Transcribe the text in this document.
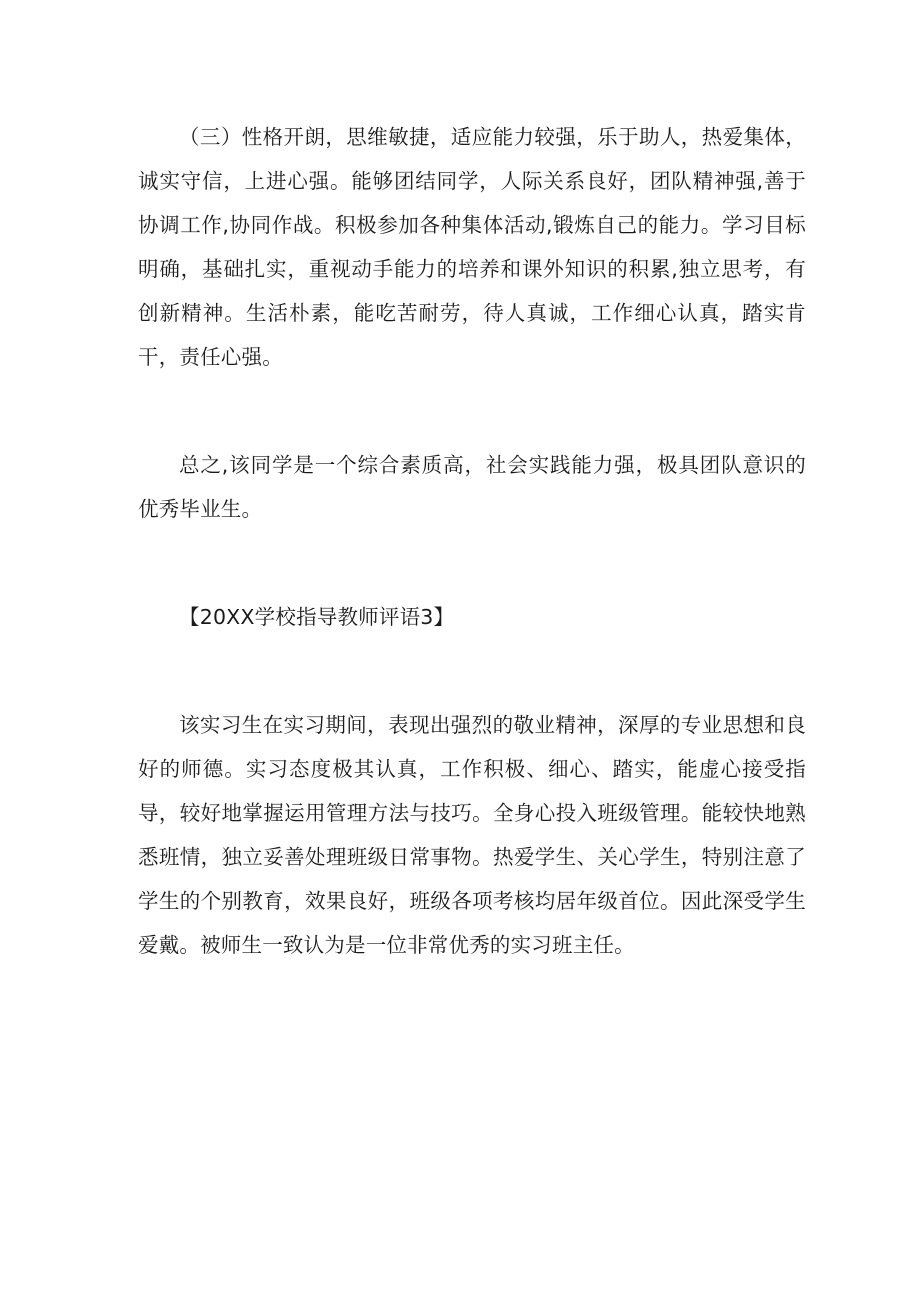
（三）性格开朗，思维敏捷，适应能力较强，乐于助人，热爱集体，诚实守信，上进心强。能够团结同学，人际关系良好，团队精神强,善于协调工作,协同作战。积极参加各种集体活动,锻炼自己的能力。学习目标明确，基础扎实，重视动手能力的培养和课外知识的积累,独立思考，有创新精神。生活朴素，能吃苦耐劳，待人真诚，工作细心认真，踏实肯干，责任心强。

总之,该同学是一个综合素质高，社会实践能力强，极具团队意识的优秀毕业生。

【20XX学校指导教师评语3】

该实习生在实习期间，表现出强烈的敬业精神，深厚的专业思想和良好的师德。实习态度极其认真，工作积极、细心、踏实，能虚心接受指导，较好地掌握运用管理方法与技巧。全身心投入班级管理。能较快地熟悉班情，独立妥善处理班级日常事物。热爱学生、关心学生，特别注意了学生的个别教育，效果良好，班级各项考核均居年级首位。因此深受学生爱戴。被师生一致认为是一位非常优秀的实习班主任。
